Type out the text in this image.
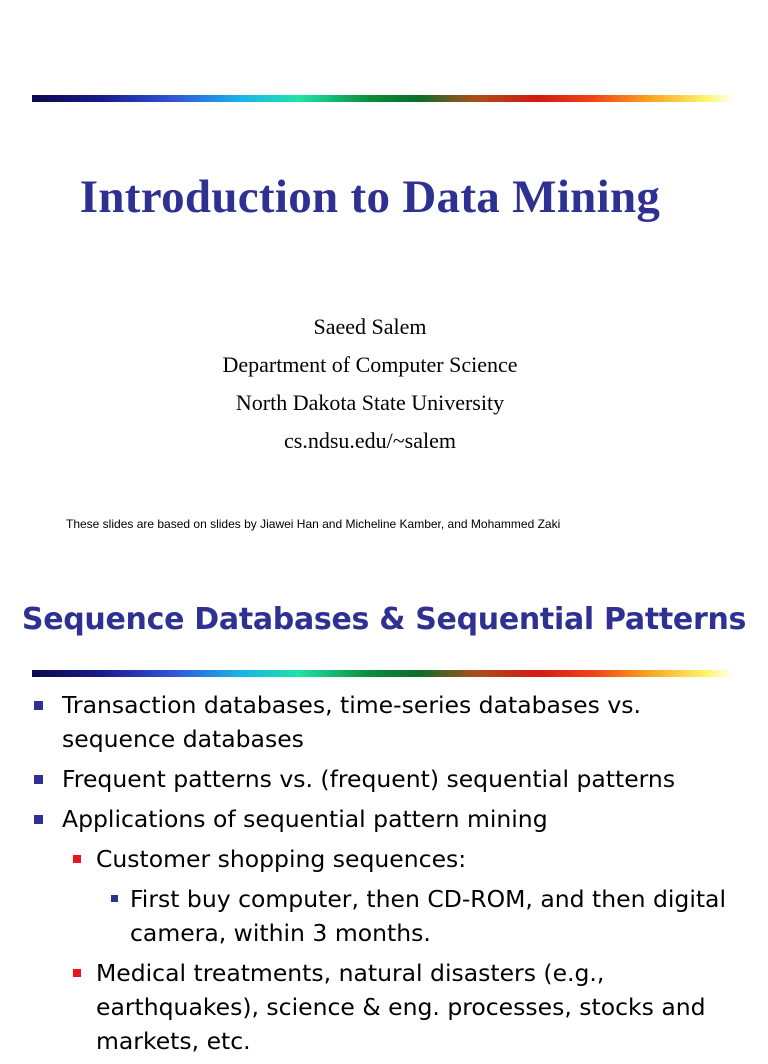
Introduction to Data Mining
Saeed Salem
Department of Computer Science
North Dakota State University
cs.ndsu.edu/~salem
These slides are based on slides by Jiawei Han and Micheline Kamber, and Mohammed Zaki
Sequence Databases & Sequential Patterns
Transaction databases, time-series databases vs. sequence databases
Frequent patterns vs. (frequent) sequential patterns
Applications of sequential pattern mining
Customer shopping sequences:
First buy computer, then CD-ROM, and then digital camera, within 3 months.
Medical treatments, natural disasters (e.g., earthquakes), science & eng. processes, stocks and markets, etc.
